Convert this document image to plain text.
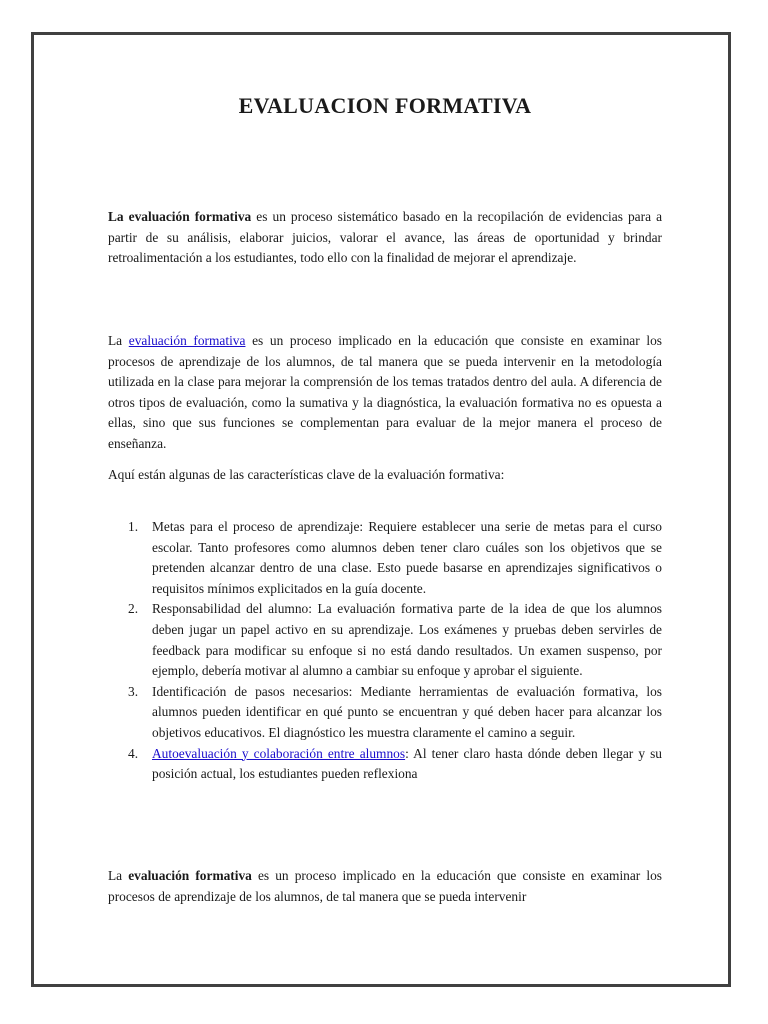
EVALUACION FORMATIVA

La evaluación formativa es un proceso sistemático basado en la recopilación de evidencias para a partir de su análisis, elaborar juicios, valorar el avance, las áreas de oportunidad y brindar retroalimentación a los estudiantes, todo ello con la finalidad de mejorar el aprendizaje.

La evaluación formativa es un proceso implicado en la educación que consiste en examinar los procesos de aprendizaje de los alumnos, de tal manera que se pueda intervenir en la metodología utilizada en la clase para mejorar la comprensión de los temas tratados dentro del aula. A diferencia de otros tipos de evaluación, como la sumativa y la diagnóstica, la evaluación formativa no es opuesta a ellas, sino que sus funciones se complementan para evaluar de la mejor manera el proceso de enseñanza.

Aquí están algunas de las características clave de la evaluación formativa:

1. Metas para el proceso de aprendizaje: Requiere establecer una serie de metas para el curso escolar. Tanto profesores como alumnos deben tener claro cuáles son los objetivos que se pretenden alcanzar dentro de una clase. Esto puede basarse en aprendizajes significativos o requisitos mínimos explicitados en la guía docente.
2. Responsabilidad del alumno: La evaluación formativa parte de la idea de que los alumnos deben jugar un papel activo en su aprendizaje. Los exámenes y pruebas deben servirles de feedback para modificar su enfoque si no está dando resultados. Un examen suspenso, por ejemplo, debería motivar al alumno a cambiar su enfoque y aprobar el siguiente.
3. Identificación de pasos necesarios: Mediante herramientas de evaluación formativa, los alumnos pueden identificar en qué punto se encuentran y qué deben hacer para alcanzar los objetivos educativos. El diagnóstico les muestra claramente el camino a seguir.
4. Autoevaluación y colaboración entre alumnos: Al tener claro hasta dónde deben llegar y su posición actual, los estudiantes pueden reflexiona

La evaluación formativa es un proceso implicado en la educación que consiste en examinar los procesos de aprendizaje de los alumnos, de tal manera que se pueda intervenir
